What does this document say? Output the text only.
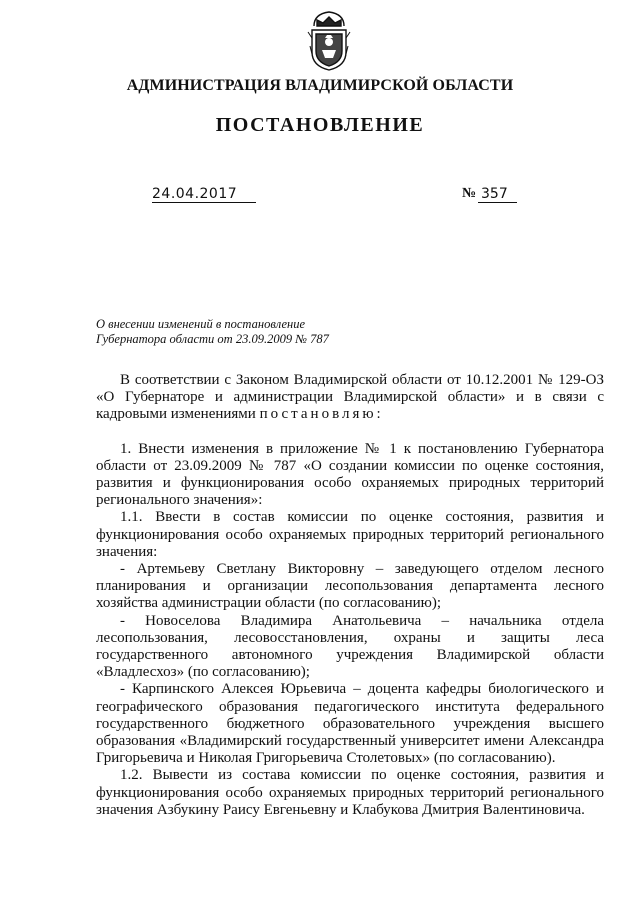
АДМИНИСТРАЦИЯ ВЛАДИМИРСКОЙ ОБЛАСТИ
ПОСТАНОВЛЕНИЕ
24.04.2017	№ 357
О внесении изменений в постановление
Губернатора области от 23.09.2009 № 787

В соответствии с Законом Владимирской области от 10.12.2001 № 129-ОЗ «О Губернаторе и администрации Владимирской области» и в связи с кадровыми изменениями постановляю:

1. Внести изменения в приложение № 1 к постановлению Губернатора области от 23.09.2009 № 787 «О создании комиссии по оценке состояния, развития и функционирования особо охраняемых природных территорий регионального значения»:

1.1. Ввести в состав комиссии по оценке состояния, развития и функционирования особо охраняемых природных территорий регионального значения:

- Артемьеву Светлану Викторовну – заведующего отделом лесного планирования и организации лесопользования департамента лесного хозяйства администрации области (по согласованию);

- Новоселова Владимира Анатольевича – начальника отдела лесопользования, лесовосстановления, охраны и защиты леса государственного автономного учреждения Владимирской области «Владлесхоз» (по согласованию);

- Карпинского Алексея Юрьевича – доцента кафедры биологического и географического образования педагогического института федерального государственного бюджетного образовательного учреждения высшего образования «Владимирский государственный университет имени Александра Григорьевича и Николая Григорьевича Столетовых» (по согласованию).

1.2. Вывести из состава комиссии по оценке состояния, развития и функционирования особо охраняемых природных территорий регионального значения Азбукину Раису Евгеньевну и Клабукова Дмитрия Валентиновича.
